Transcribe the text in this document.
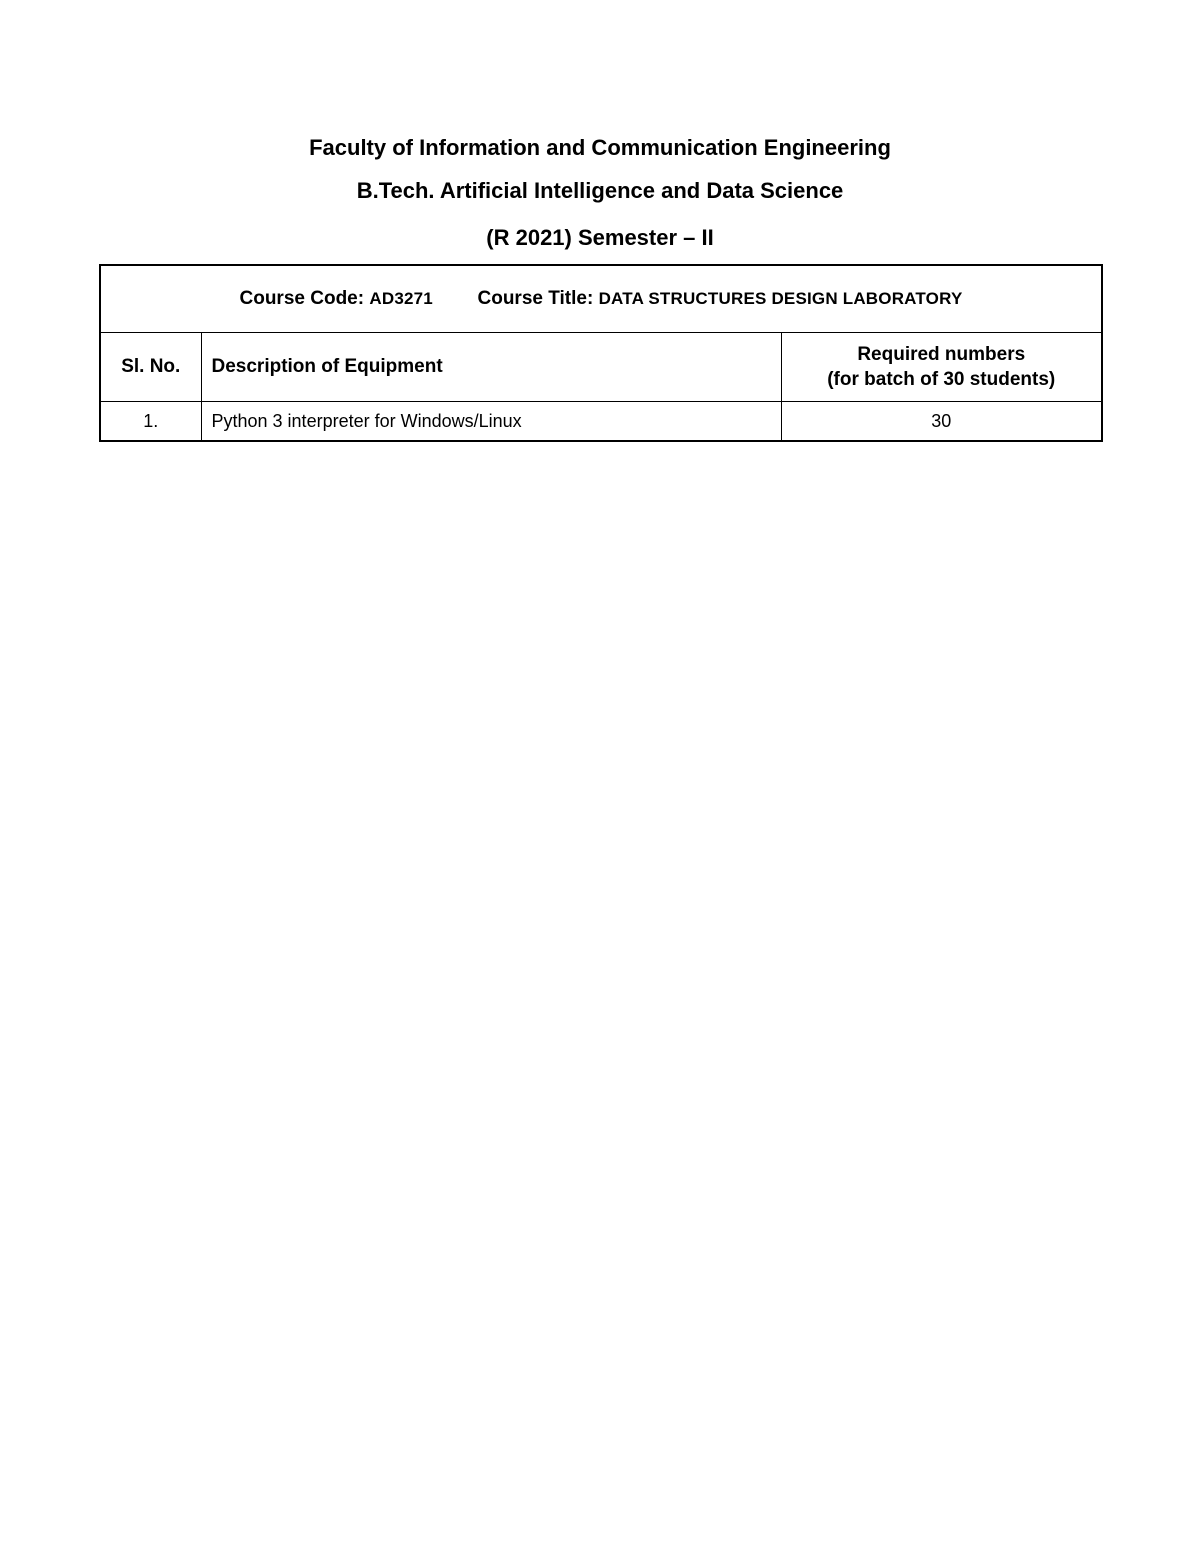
Faculty of Information and Communication Engineering
B.Tech. Artificial Intelligence and Data Science
(R 2021) Semester – II
Course Code: AD3271 Course Title: DATA STRUCTURES DESIGN LABORATORY		
Sl. No.	Description of Equipment	Required numbers
(for batch of 30 students)

1.	Python 3 interpreter for Windows/Linux	30
